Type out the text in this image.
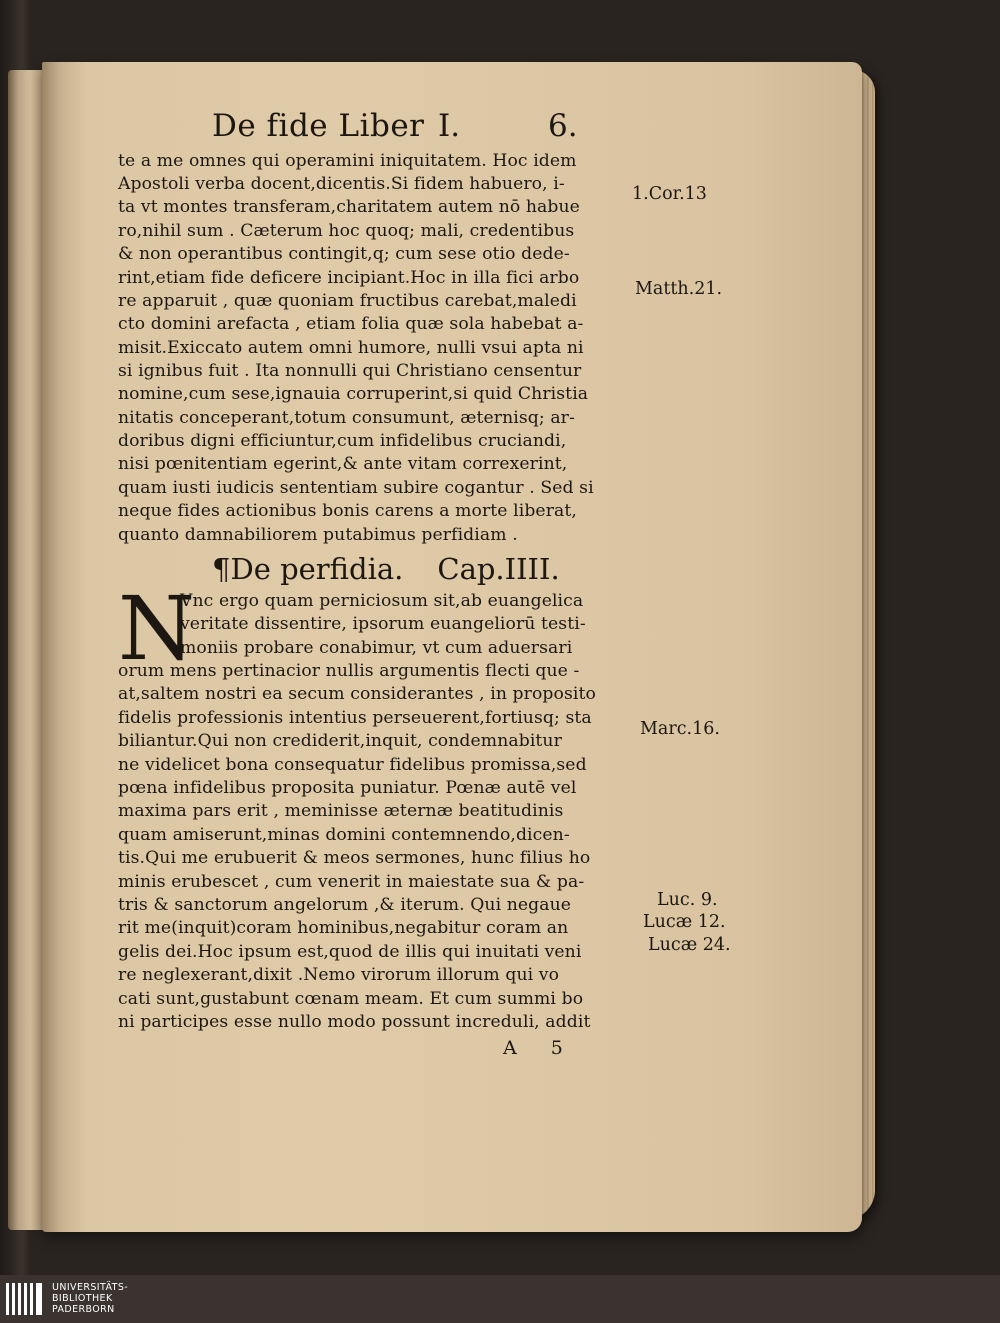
De fide Liber I.	6.
te a me omnes qui operamini iniquitatem. Hoc idem
Apostoli verba docent,dicentis.Si fidem habuero, i-
ta vt montes transferam,charitatem autem nō habue
ro,nihil sum . Cæterum hoc quoq; mali, credentibus
& non operantibus contingit,q; cum sese otio dede-
rint,etiam fide deficere incipiant.Hoc in illa fici arbo
re apparuit , quæ quoniam fructibus carebat,maledi
cto domini arefacta , etiam folia quæ sola habebat a-
misit.Exiccato autem omni humore, nulli vsui apta ni
si ignibus fuit . Ita nonnulli qui Christiano censentur
nomine,cum sese,ignauia corruperint,si quid Christia
nitatis conceperant,totum consumunt, æternisq; ar-
doribus digni efficiuntur,cum infidelibus cruciandi,
nisi pœnitentiam egerint,& ante vitam correxerint,
quam iusti iudicis sententiam subire cogantur . Sed si
neque fides actionibus bonis carens a morte liberat,
quanto damnabiliorem putabimus perfidiam .
Vnc ergo quam perniciosum sit,ab euangelica
veritate dissentire, ipsorum euangeliorū testi-
moniis probare conabimur, vt cum aduersari
orum mens pertinacior nullis argumentis flecti que -
at,saltem nostri ea secum considerantes , in proposito
fidelis professionis intentius perseuerent,fortiusq; sta
biliantur.Qui non crediderit,inquit, condemnabitur
ne videlicet bona consequatur fidelibus promissa,sed
pœna infidelibus proposita puniatur. Pœnæ autē vel
maxima pars erit , meminisse æternæ beatitudinis
quam amiserunt,minas domini contemnendo,dicen-
tis.Qui me erubuerit & meos sermones, hunc filius ho
minis erubescet , cum venerit in maiestate sua & pa-
tris & sanctorum angelorum ,& iterum. Qui negaue
rit me(inquit)coram hominibus,negabitur coram an
gelis dei.Hoc ipsum est,quod de illis qui inuitati veni
re neglexerant,dixit .Nemo virorum illorum qui vo
cati sunt,gustabunt cœnam meam. Et cum summi bo
ni participes esse nullo modo possunt increduli, addit
¶De perfidia. Cap.IIII.
N
1.Cor.13
Matth.21.
Marc.16.
Luc. 9.
Lucæ 12.
Lucæ 24.
A 5
UNIVERSITÄTS-
BIBLIOTHEK
PADERBORN
